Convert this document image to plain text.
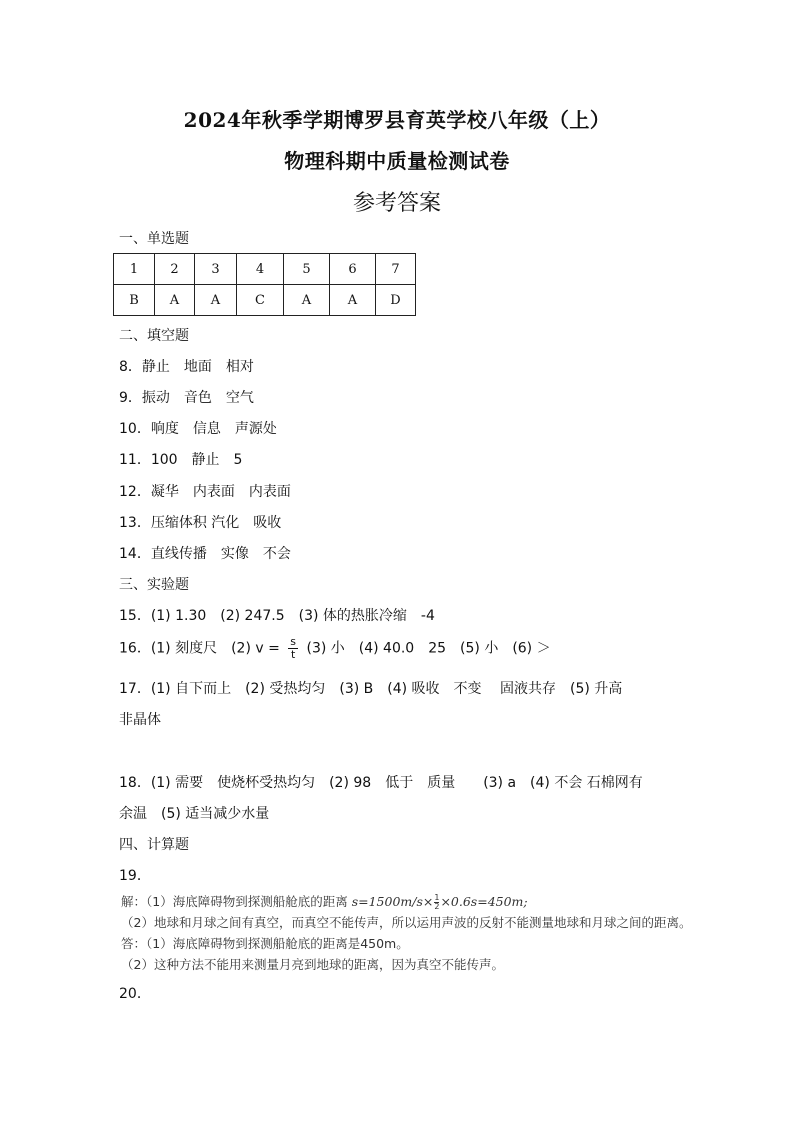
2024年秋季学期博罗县育英学校八年级（上）
物理科期中质量检测试卷
参考答案
一、单选题
1	2	3	4	5	6	7
B	A	A	C	A	A	D
二、填空题
8．静止　地面　相对
9．振动　音色　空气
10．响度　信息　声源处
11．100　静止　5
12．凝华　内表面　内表面
13．压缩体积 汽化　吸收
14．直线传播　实像　不会
三、实验题
15．(1) 1.30　(2) 247.5　(3) 体的热胀冷缩　-4
16．(1) 刻度尺　(2) $v = \frac{s}{t} (3)$ 小　(4) 40.0　25　(5) 小　(6) ＞
17．(1) 自下而上　(2) 受热均匀　(3) B　(4) 吸收　不变　 固液共存　(5) 升高
非晶体
18．(1) 需要　使烧杯受热均匀　(2) 98　低于　质量　　(3) a　(4) 不会 石棉网有
余温　(5) 适当减少水量
四、计算题
19．
解：（1）海底障碍物到探测船舱底的距离 $s=1500m/s\times \frac{1}{2} \times 0.6s=450m$;
（2）地球和月球之间有真空，而真空不能传声，所以运用声波的反射不能测量地球和月球之间的距离。
答：（1）海底障碍物到探测船舱底的距离是450m。
（2）这种方法不能用来测量月亮到地球的距离，因为真空不能传声。
20．
